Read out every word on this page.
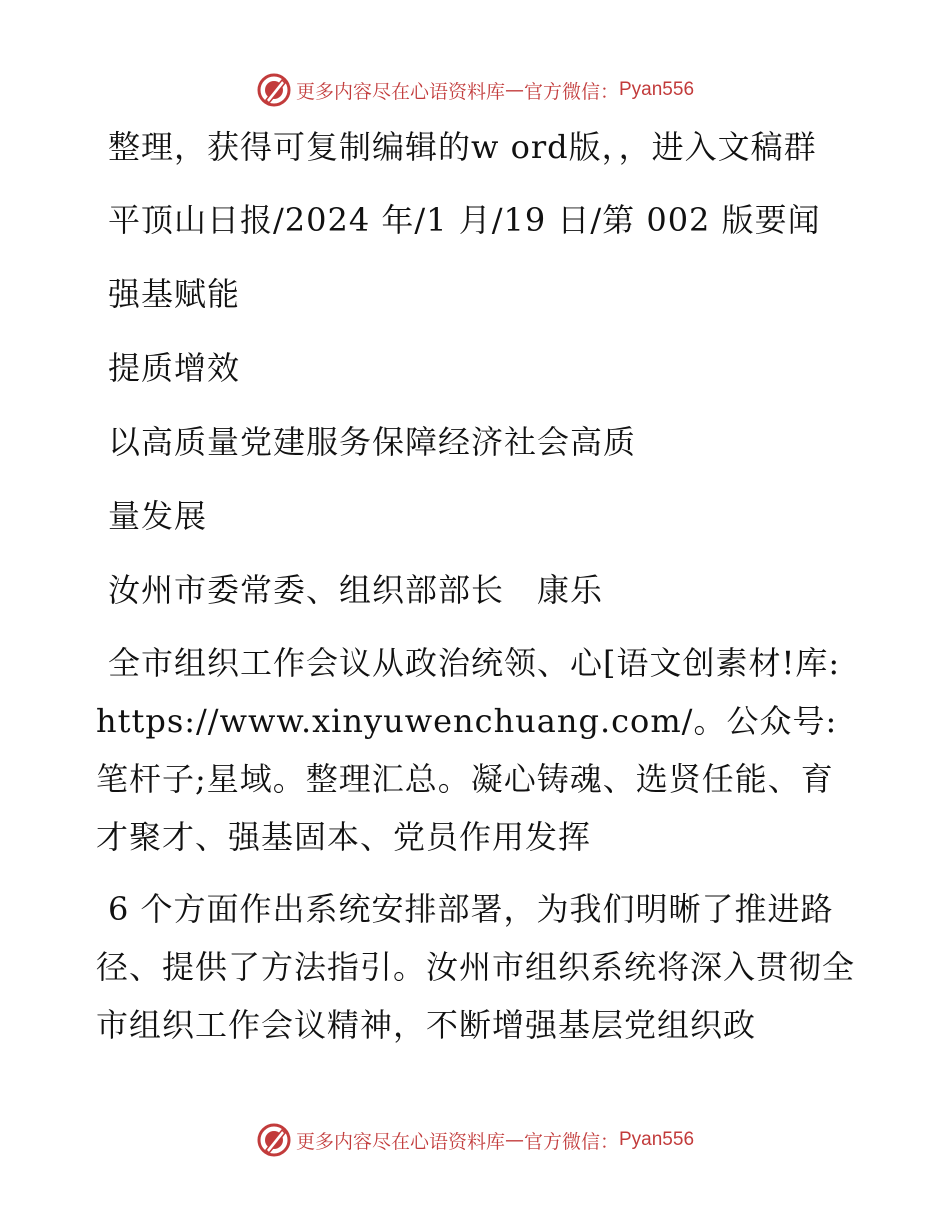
更多内容尽在心语资料库 — 官方微信： Pyan556

整理，获得可复制编辑的w ord版，，进入文稿群

平顶山日报/2024 年/1 月/19 日/第 002 版要闻

强基赋能

提质增效

以高质量党建服务保障经济社会高质

量发展

汝州市委常委、组织部部长　康乐

全市组织工作会议从政治统领、心[语文创素材!库: https://www.xinyuwenchuang.com/。公众号: 笔杆子;星域。整理汇总。凝心铸魂、选贤任能、育才聚才、强基固本、党员作用发挥

6 个方面作出系统安排部署，为我们明晰了推进路径、提供了方法指引。汝州市组织系统将深入贯彻全市组织工作会议精神，不断增强基层党组织政

更多内容尽在心语资料库 — 官方微信： Pyan556
